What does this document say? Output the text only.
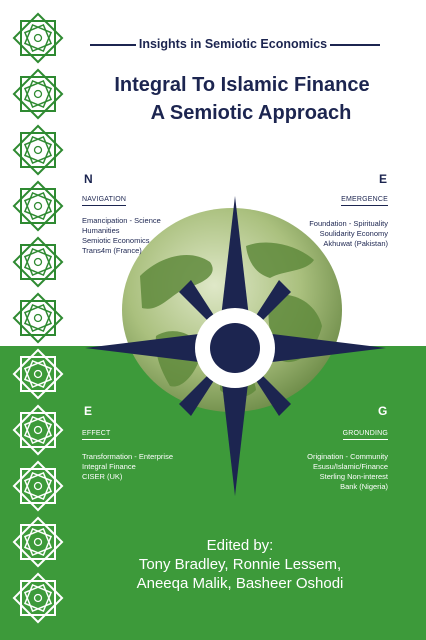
Insights in Semiotic Economics
Integral To Islamic Finance
A Semiotic Approach
N
NAVIGATION
Emancipation - Science
Humanities
Semiotic Economics
Trans4m (France)
E
EMERGENCE
Foundation - Spirituality
Soulidarity Economy
Akhuwat (Pakistan)
E
EFFECT
Transformation - Enterprise
Integral Finance
CISER (UK)
G
GROUNDING
Origination - Community
Esusu/Islamic/Finance
Sterling Non-interest
Bank (Nigeria)
Edited by:
Tony Bradley, Ronnie Lessem,
Aneeqa Malik, Basheer Oshodi
